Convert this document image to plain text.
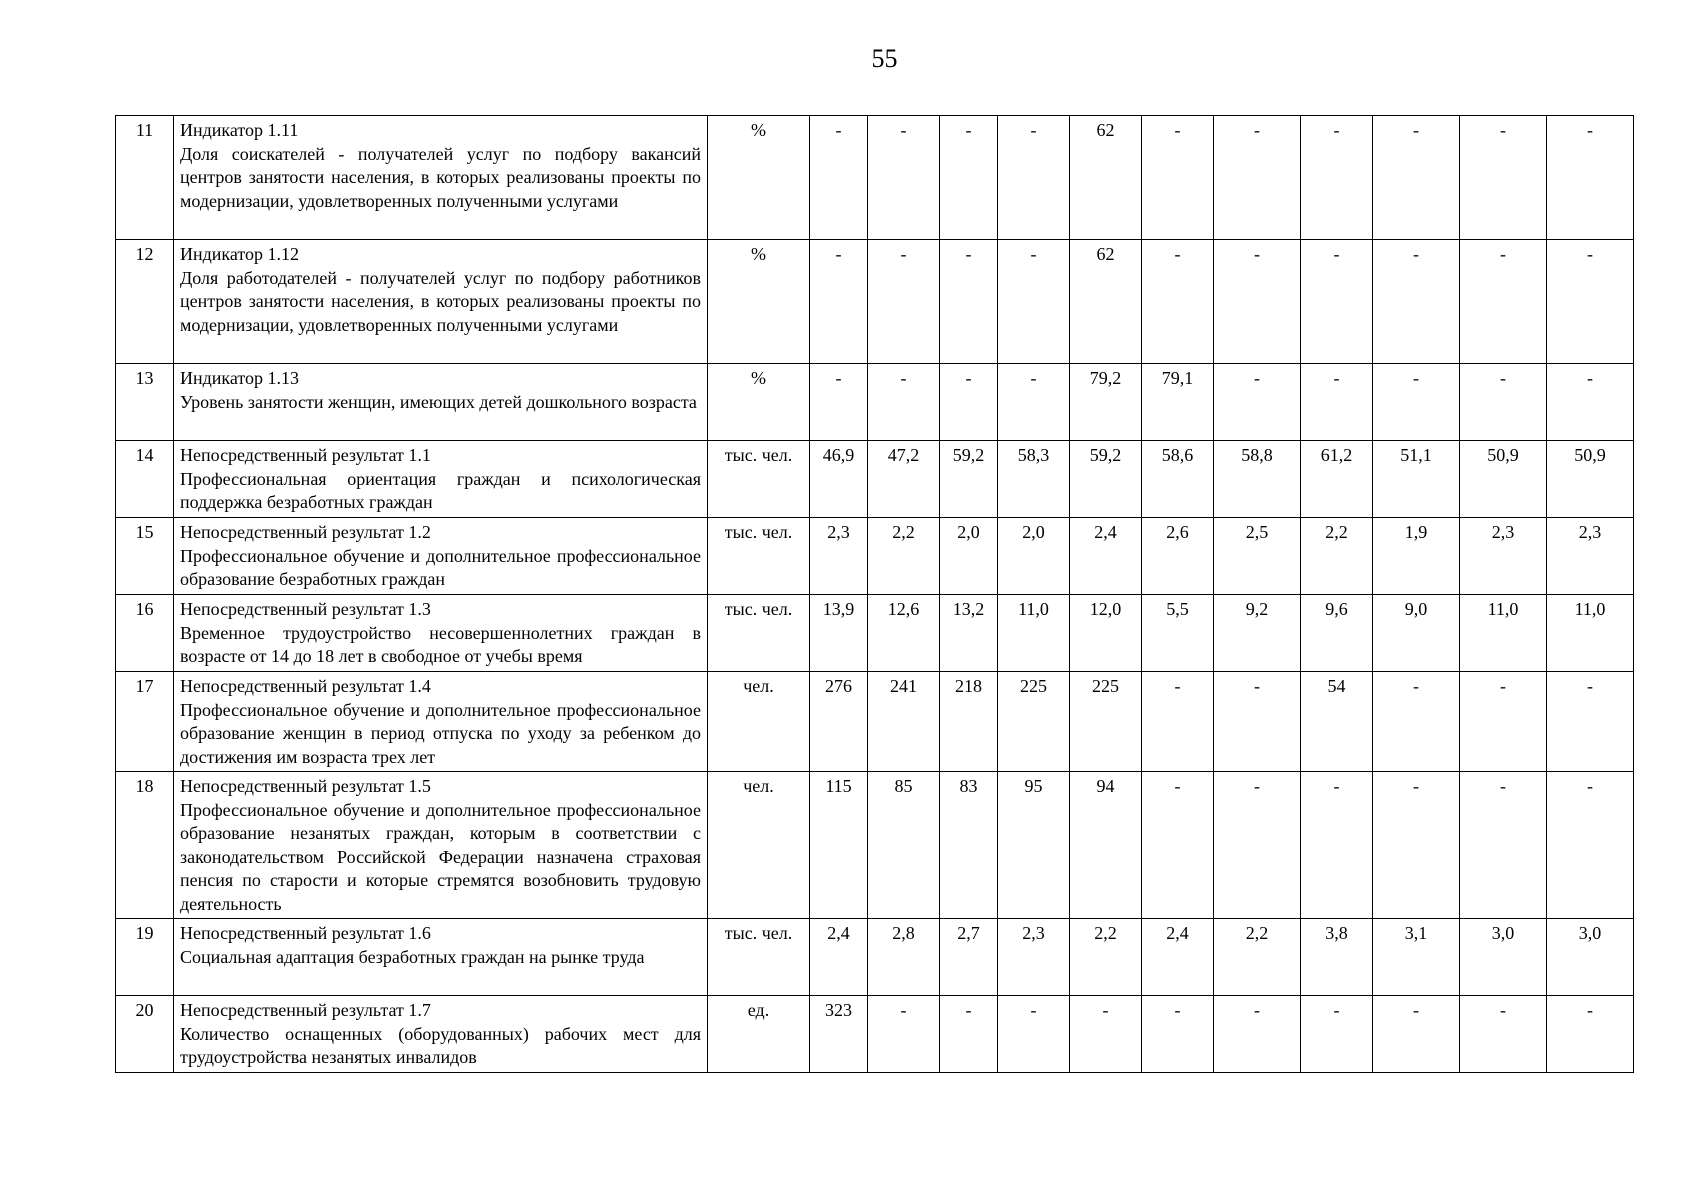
55
11	Индикатор 1.11
Доля соискателей - получателей услуг по подбору вакансий центров занятости населения, в которых реализованы проекты по модернизации, удовлетворенных полученными услугами	%	-	-	-	-	62	-	-	-	-	-	-
12	Индикатор 1.12
Доля работодателей - получателей услуг по подбору работников центров занятости населения, в которых реализованы проекты по модернизации, удовлетворенных полученными услугами	%	-	-	-	-	62	-	-	-	-	-	-
13	Индикатор 1.13
Уровень занятости женщин, имеющих детей дошкольного возраста	%	-	-	-	-	79,2	79,1	-	-	-	-	-
14	Непосредственный результат 1.1
Профессиональная ориентация граждан и психологическая поддержка безработных граждан	тыс. чел.	46,9	47,2	59,2	58,3	59,2	58,6	58,8	61,2	51,1	50,9	50,9
15	Непосредственный результат 1.2
Профессиональное обучение и дополнительное профессиональное образование безработных граждан	тыс. чел.	2,3	2,2	2,0	2,0	2,4	2,6	2,5	2,2	1,9	2,3	2,3
16	Непосредственный результат 1.3
Временное трудоустройство несовершеннолетних граждан в возрасте от 14 до 18 лет в свободное от учебы время	тыс. чел.	13,9	12,6	13,2	11,0	12,0	5,5	9,2	9,6	9,0	11,0	11,0
17	Непосредственный результат 1.4
Профессиональное обучение и дополнительное профессиональное образование женщин в период отпуска по уходу за ребенком до достижения им возраста трех лет	чел.	276	241	218	225	225	-	-	54	-	-	-
18	Непосредственный результат 1.5
Профессиональное обучение и дополнительное профессиональное образование незанятых граждан, которым в соответствии с законодательством Российской Федерации назначена страховая пенсия по старости и которые стремятся возобновить трудовую деятельность	чел.	115	85	83	95	94	-	-	-	-	-	-
19	Непосредственный результат 1.6
Социальная адаптация безработных граждан на рынке труда	тыс. чел.	2,4	2,8	2,7	2,3	2,2	2,4	2,2	3,8	3,1	3,0	3,0
20	Непосредственный результат 1.7
Количество оснащенных (оборудованных) рабочих мест для трудоустройства незанятых инвалидов	ед.	323	-	-	-	-	-	-	-	-	-	-
